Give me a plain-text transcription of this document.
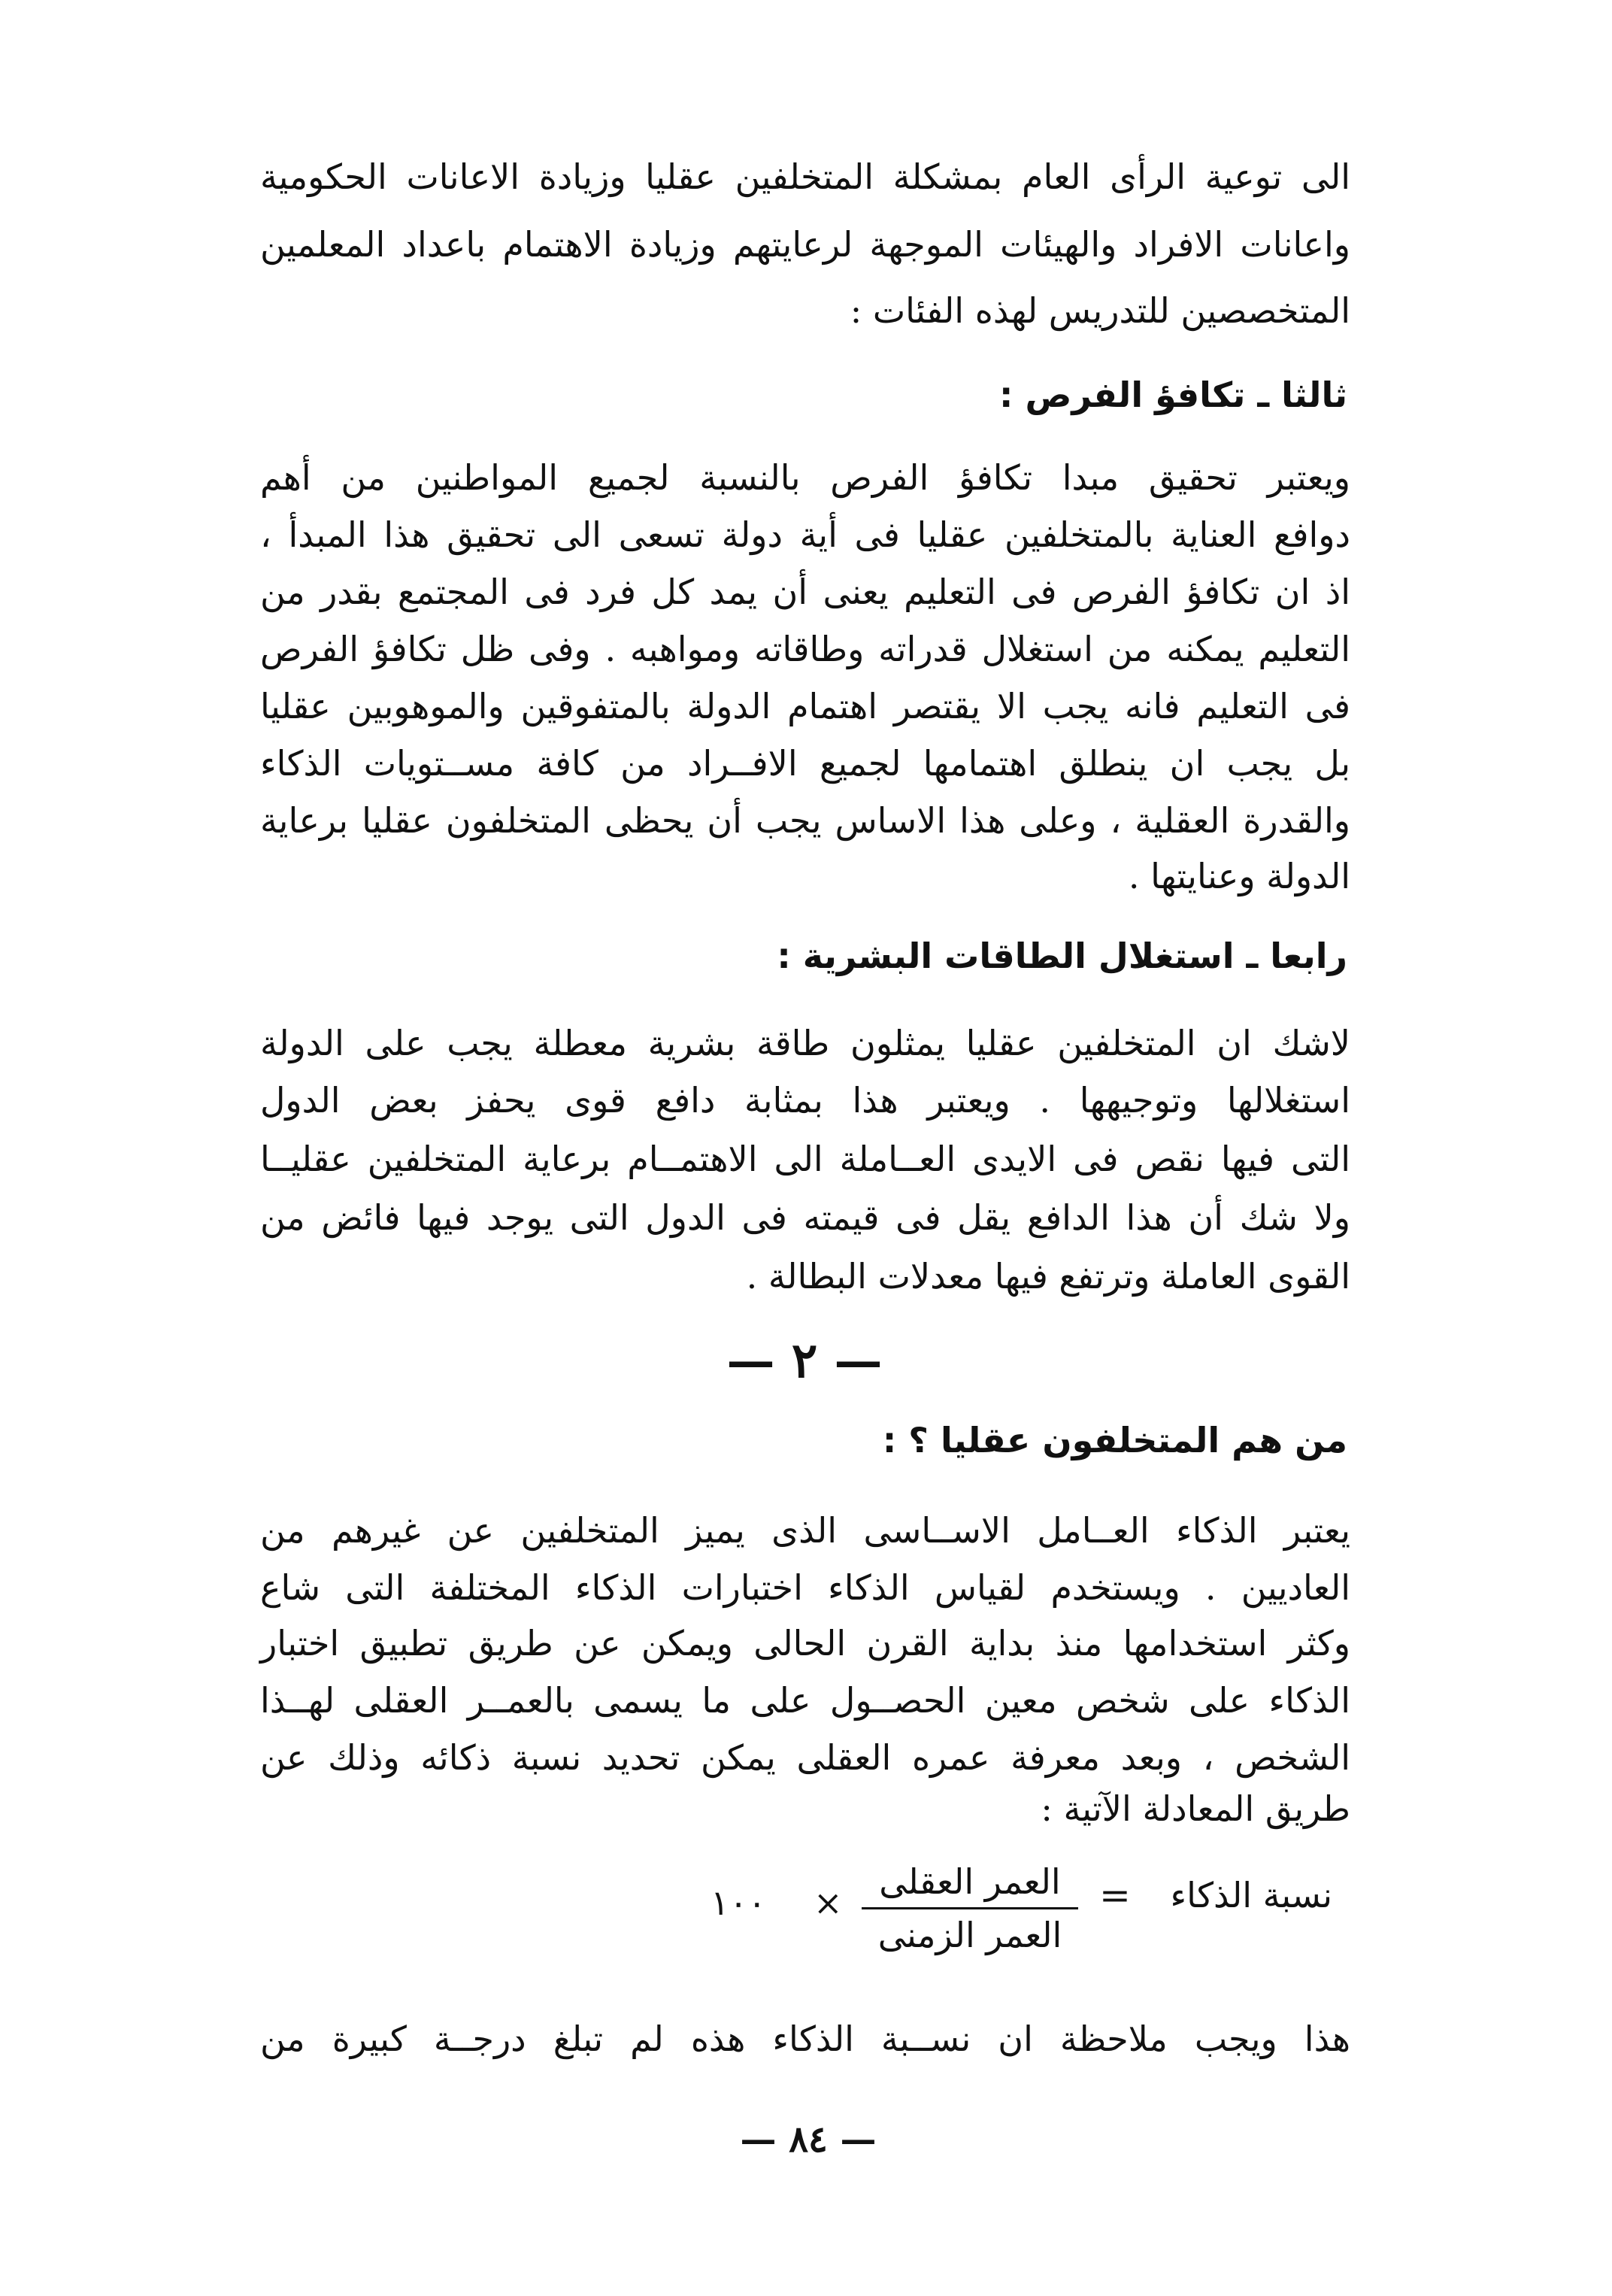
الى توعية الرأى العام بمشكلة المتخلفين عقليا وزيادة الاعانات الحكومية
واعانات الافراد والهيئات الموجهة لرعايتهم وزيادة الاهتمام باعداد المعلمين
المتخصصين للتدريس لهذه الفئات :
ثالثا ـ تكافؤ الفرص :
ويعتبر تحقيق مبدا تكافؤ الفرص بالنسبة لجميع المواطنين من أهم
دوافع العناية بالمتخلفين عقليا فى أية دولة تسعى الى تحقيق هذا المبدأ ،
اذ ان تكافؤ الفرص فى التعليم يعنى أن يمد كل فرد فى المجتمع بقدر من
التعليم يمكنه من استغلال قدراته وطاقاته ومواهبه . وفى ظل تكافؤ الفرص
فى التعليم فانه يجب الا يقتصر اهتمام الدولة بالمتفوقين والموهوبين عقليا
بل يجب ان ينطلق اهتمامها لجميع الافــراد من كافة مســتويات الذكاء
والقدرة العقلية ، وعلى هذا الاساس يجب أن يحظى المتخلفون عقليا برعاية
الدولة وعنايتها .
رابعا ـ استغلال الطاقات البشرية :
لاشك ان المتخلفين عقليا يمثلون طاقة بشرية معطلة يجب على الدولة
استغلالها وتوجيهها . ويعتبر هذا بمثابة دافع قوى يحفز بعض الدول
التى فيها نقص فى الايدى العــاملة الى الاهتمــام برعاية المتخلفين عقليــا
ولا شك أن هذا الدافع يقل فى قيمته فى الدول التى يوجد فيها فائض من
القوى العاملة وترتفع فيها معدلات البطالة .
— ٢ —
من هم المتخلفون عقليا ؟ :
يعتبر الذكاء العــامل الاســاسى الذى يميز المتخلفين عن غيرهم من
العاديين . ويستخدم لقياس الذكاء اختبارات الذكاء المختلفة التى شاع
وكثر استخدامها منذ بداية القرن الحالى ويمكن عن طريق تطبيق اختبار
الذكاء على شخص معين الحصــول على ما يسمى بالعمــر العقلى لهــذا
الشخص ، وبعد معرفة عمره العقلى يمكن تحديد نسبة ذكائه وذلك عن
طريق المعادلة الآتية :
نسبة الذكاء
=
العمر العقلى
العمر الزمنى
×
١٠٠
هذا ويجب ملاحظة ان نســبة الذكاء هذه لم تبلغ درجــة كبيرة من
— ٨٤ —
